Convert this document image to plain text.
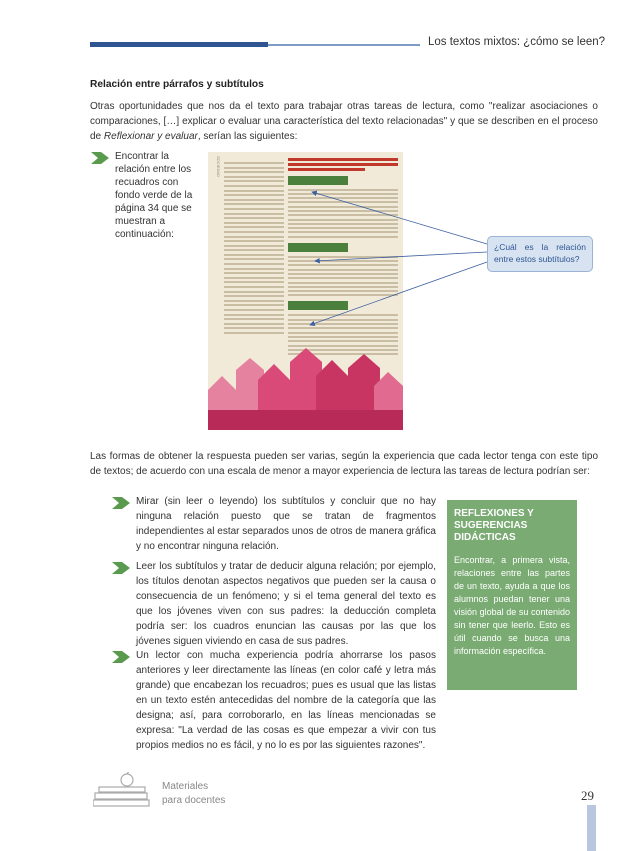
Los textos mixtos: ¿cómo se leen?
Relación entre párrafos y subtítulos

Otras oportunidades que nos da el texto para trabajar otras tareas de lectura, como "realizar asociaciones o comparaciones, […] explicar o evaluar una característica del texto relacionadas" y que se describen en el proceso de Reflexionar y evaluar, serían las siguientes:

Encontrar la relación entre los recuadros con fondo verde de la página 34 que se muestran a continuación:

SOCIEDAD
¿Cuál es la relación entre estos subtítulos?

Las formas de obtener la respuesta pueden ser varias, según la experiencia que cada lector tenga con este tipo de textos; de acuerdo con una escala de menor a mayor experiencia de lectura las tareas de lectura podrían ser:

Mirar (sin leer o leyendo) los subtítulos y concluir que no hay ninguna relación puesto que se tratan de fragmentos independientes al estar separados unos de otros de manera gráfica y no encontrar ninguna relación.

Leer los subtítulos y tratar de deducir alguna relación; por ejemplo, los títulos denotan aspectos negativos que pueden ser la causa o consecuencia de un fenómeno; y si el tema general del texto es que los jóvenes viven con sus padres: la deducción completa podría ser: los cuadros enuncian las causas por las que los jóvenes siguen viviendo en casa de sus padres.

Un lector con mucha experiencia podría ahorrarse los pasos anteriores y leer directamente las líneas (en color café y letra más grande) que encabezan los recuadros; pues es usual que las listas en un texto estén antecedidas del nombre de la categoría que las designa; así, para corroborarlo, en las líneas mencionadas se expresa: "La verdad de las cosas es que empezar a vivir con tus propios medios no es fácil, y no lo es por las siguientes razones".

REFLEXIONES Y SUGERENCIAS DIDÁCTICAS

Encontrar, a primera vista, relaciones entre las partes de un texto, ayuda a que los alumnos puedan tener una visión global de su contenido sin tener que leerlo. Esto es útil cuando se busca una información específica.

Materiales
para docentes	29
